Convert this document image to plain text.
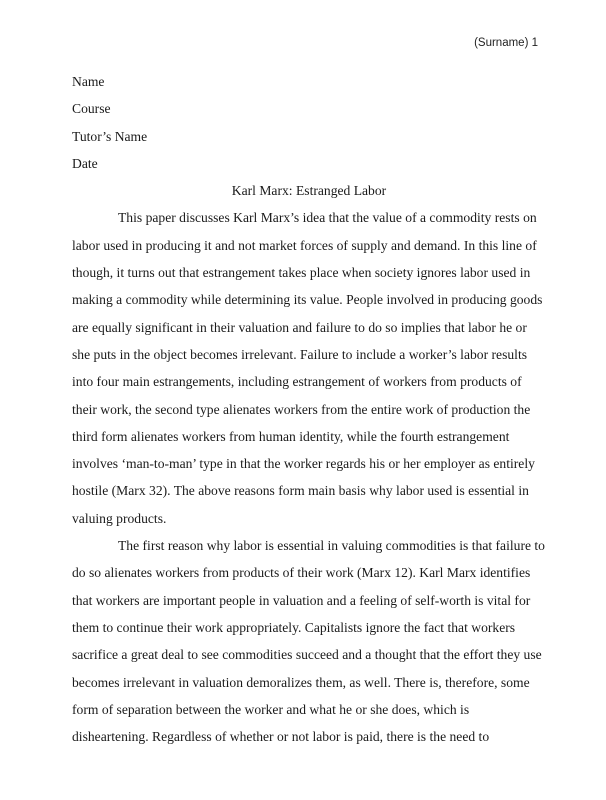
(Surname) 1

Name

Course

Tutor’s Name

Date

Karl Marx: Estranged Labor

This paper discusses Karl Marx’s idea that the value of a commodity rests on labor used in producing it and not market forces of supply and demand. In this line of though, it turns out that estrangement takes place when society ignores labor used in making a commodity while determining its value. People involved in producing goods are equally significant in their valuation and failure to do so implies that labor he or she puts in the object becomes irrelevant. Failure to include a worker’s labor results into four main estrangements, including estrangement of workers from products of their work, the second type alienates workers from the entire work of production the third form alienates workers from human identity, while the fourth estrangement involves ‘man-to-man’ type in that the worker regards his or her employer as entirely hostile (Marx 32). The above reasons form main basis why labor used is essential in valuing products.

The first reason why labor is essential in valuing commodities is that failure to do so alienates workers from products of their work (Marx 12). Karl Marx identifies that workers are important people in valuation and a feeling of self-worth is vital for them to continue their work appropriately. Capitalists ignore the fact that workers sacrifice a great deal to see commodities succeed and a thought that the effort they use becomes irrelevant in valuation demoralizes them, as well. There is, therefore, some form of separation between the worker and what he or she does, which is disheartening. Regardless of whether or not labor is paid, there is the need to
